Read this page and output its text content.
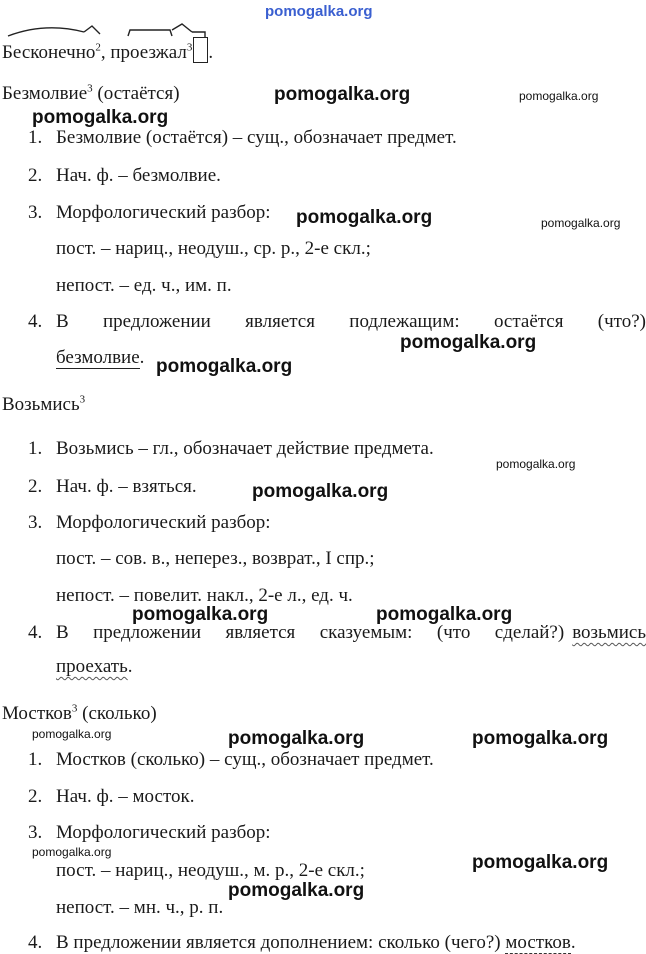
pomogalka.org
Бесконечно$^2$, проезжал$^3$ .
Безмолвие$^3$ (остаётся)	pomogalka.org	pomogalka.org
pomogalka.org
1. Безмолвие (остаётся) – сущ., обозначает предмет.
2. Нач. ф. – безмолвие.
3. Морфологический разбор: pomogalka.org	pomogalka.org
пост. – нариц., неодуш., ср. р., 2-е скл.;
непост. – ед. ч., им. п.
4. В предложении является подлежащим: остаётся (что?)
pomogalka.org
безмолвие. pomogalka.org
Возьмись$^3$
1. Возьмись – гл., обозначает действие предмета.
pomogalka.org
2. Нач. ф. – взяться.	pomogalka.org
3. Морфологический разбор:
пост. – сов. в., неперез., возврат., I спр.;
непост. – повелит. накл., 2-е л., ед. ч.
pomogalka.org	pomogalka.org
4. В предложении является сказуемым: (что сделай?) возьмись
проехать.
Мостков$^3$ (сколько)
pomogalka.org	pomogalka.org	pomogalka.org
1. Мостков (сколько) – сущ., обозначает предмет.
2. Нач. ф. – мосток.
3. Морфологический разбор:
pomogalka.org	pomogalka.org
пост. – нариц., неодуш., м. р., 2-е скл.;
pomogalka.org
непост. – мн. ч., р. п.
4. В предложении является дополнением: сколько (чего?) мостков.
